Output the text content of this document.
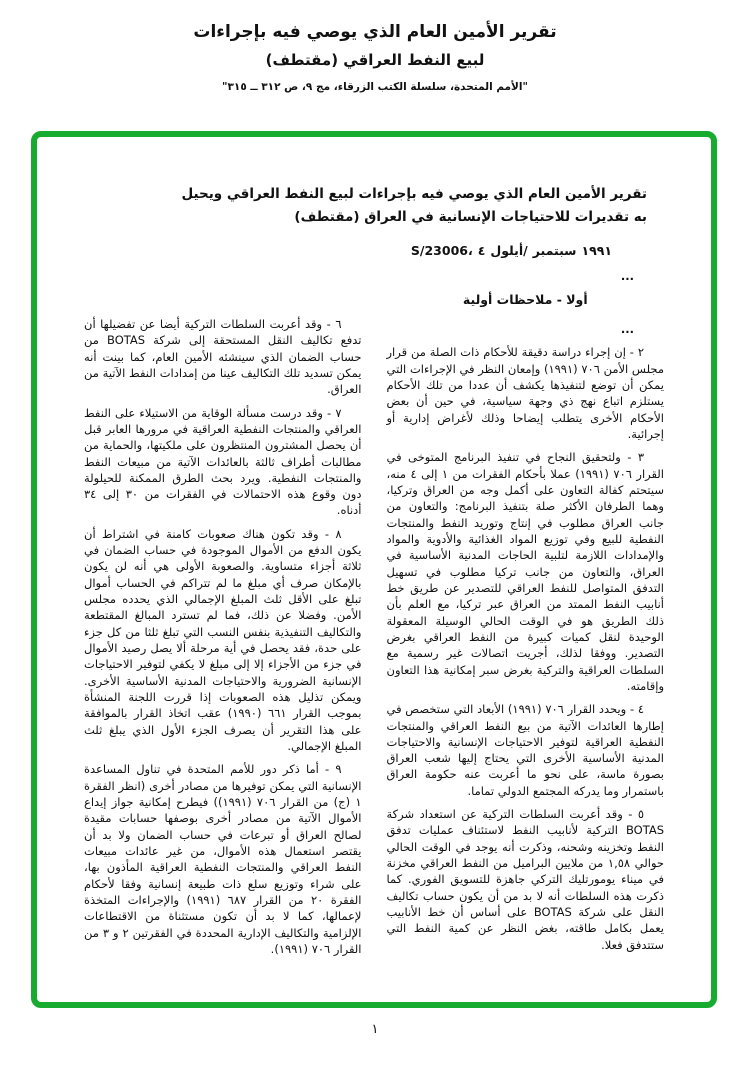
تقرير الأمين العام الذي يوصي فيه بإجراءات
لبيع النفط العراقي (مقتطف)
"الأمم المتحدة، سلسلة الكتب الزرقاء، مج ٩، ص ٣١٢ ــ ٣١٥"
تقرير الأمين العام الذي يوصي فيه بإجراءات لبيع النفط العراقي ويحيل
به تقديرات للاحتياجات الإنسانية في العراق (مقتطف)
S/23006، ٤ أيلول/ سبتمبر ١٩٩١

...

أولا - ملاحظات أولية

...

٢ - إن إجراء دراسة دقيقة للأحكام ذات الصلة من قرار مجلس الأمن ٧٠٦ (١٩٩١) وإمعان النظر في الإجراءات التي يمكن أن توضع لتنفيذها يكشف أن عددا من تلك الأحكام يستلزم اتباع نهج ذي وجهة سياسية، في حين أن بعض الأحكام الأخرى يتطلب إيضاحا وذلك لأغراض إدارية أو إجرائية.

٣ - ولتحقيق النجاح في تنفيذ البرنامج المتوخى في القرار ٧٠٦ (١٩٩١) عملا بأحكام الفقرات من ١ إلى ٤ منه، سيتحتم كفالة التعاون على أكمل وجه من العراق وتركيا، وهما الطرفان الأكثر صلة بتنفيذ البرنامج: والتعاون من جانب العراق مطلوب في إنتاج وتوريد النفط والمنتجات النفطية للبيع وفي توزيع المواد الغذائية والأدوية والمواد والإمدادات اللازمة لتلبية الحاجات المدنية الأساسية في العراق، والتعاون من جانب تركيا مطلوب في تسهيل التدفق المتواصل للنفط العراقي للتصدير عن طريق خط أنابيب النفط الممتد من العراق عبر تركيا، مع العلم بأن ذلك الطريق هو في الوقت الحالي الوسيلة المعقولة الوحيدة لنقل كميات كبيرة من النفط العراقي بغرض التصدير. ووفقا لذلك، أجريت اتصالات غير رسمية مع السلطات العراقية والتركية بغرض سبر إمكانية هذا التعاون وإقامته.

٤ - ويحدد القرار ٧٠٦ (١٩٩١) الأبعاد التي ستخصص في إطارها العائدات الآتية من بيع النفط العراقي والمنتجات النفطية العراقية لتوفير الاحتياجات الإنسانية والاحتياجات المدنية الأساسية الأخرى التي يحتاج إليها شعب العراق بصورة ماسة، على نحو ما أعربت عنه حكومة العراق باستمرار وما يدركه المجتمع الدولي تماما.

٥ - وقد أعربت السلطات التركية عن استعداد شركة BOTAS التركية لأنابيب النفط لاستئناف عمليات تدفق النفط وتخزينه وشحنه، وذكرت أنه يوجد في الوقت الحالي حوالي ١,٥٨ من ملايين البراميل من النفط العراقي مخزنة في ميناء يومورتليك التركي جاهزة للتسويق الفوري. كما ذكرت هذه السلطات أنه لا بد من أن يكون حساب تكاليف النقل على شركة BOTAS على أساس أن خط الأنابيب يعمل بكامل طاقته، بغض النظر عن كمية النفط التي ستتدفق فعلا.

٦ - وقد أعربت السلطات التركية أيضا عن تفضيلها أن تدفع تكاليف النقل المستحقة إلى شركة BOTAS من حساب الضمان الذي سينشئه الأمين العام، كما بينت أنه يمكن تسديد تلك التكاليف عينا من إمدادات النفط الآتية من العراق.

٧ - وقد درست مسألة الوقاية من الاستيلاء على النفط العراقي والمنتجات النفطية العراقية في مرورها العابر قبل أن يحصل المشترون المنتظرون على ملكيتها، والحماية من مطالبات أطراف ثالثة بالعائدات الآتية من مبيعات النفط والمنتجات النفطية. ويرد بحث الطرق الممكنة للحيلولة دون وقوع هذه الاحتمالات في الفقرات من ٣٠ إلى ٣٤ أدناه.

٨ - وقد تكون هناك صعوبات كامنة في اشتراط أن يكون الدفع من الأموال الموجودة في حساب الضمان في ثلاثة أجزاء متساوية. والصعوبة الأولى هي أنه لن يكون بالإمكان صرف أي مبلغ ما لم تتراكم في الحساب أموال تبلغ على الأقل ثلث المبلغ الإجمالي الذي يحدده مجلس الأمن. وفضلا عن ذلك، فما لم تسترد المبالغ المقتطعة والتكاليف التنفيذية بنفس النسب التي تبلغ ثلثا من كل جزء على حدة، فقد يحصل في أية مرحلة ألا يصل رصيد الأموال في جزء من الأجزاء إلا إلى مبلغ لا يكفي لتوفير الاحتياجات الإنسانية الضرورية والاحتياجات المدنية الأساسية الأخرى. ويمكن تذليل هذه الصعوبات إذا قررت اللجنة المنشأة بموجب القرار ٦٦١ (١٩٩٠) عقب اتخاذ القرار بالموافقة على هذا التقرير أن يصرف الجزء الأول الذي يبلغ ثلث المبلغ الإجمالي.

٩ - أما ذكر دور للأمم المتحدة في تناول المساعدة الإنسانية التي يمكن توفيرها من مصادر أخرى (انظر الفقرة ١ (ج) من القرار ٧٠٦ (١٩٩١)) فيطرح إمكانية جواز إيداع الأموال الآتية من مصادر أخرى بوصفها حسابات مقيدة لصالح العراق أو تبرعات في حساب الضمان ولا بد أن يقتصر استعمال هذه الأموال، من غير عائدات مبيعات النفط العراقي والمنتجات النفطية العراقية المأذون بها، على شراء وتوزيع سلع ذات طبيعة إنسانية وفقا لأحكام الفقرة ٢٠ من القرار ٦٨٧ (١٩٩١) والإجراءات المتخذة لإعمالها، كما لا بد أن تكون مستثناة من الاقتطاعات الإلزامية والتكاليف الإدارية المحددة في الفقرتين ٢ و ٣ من القرار ٧٠٦ (١٩٩١).

١
